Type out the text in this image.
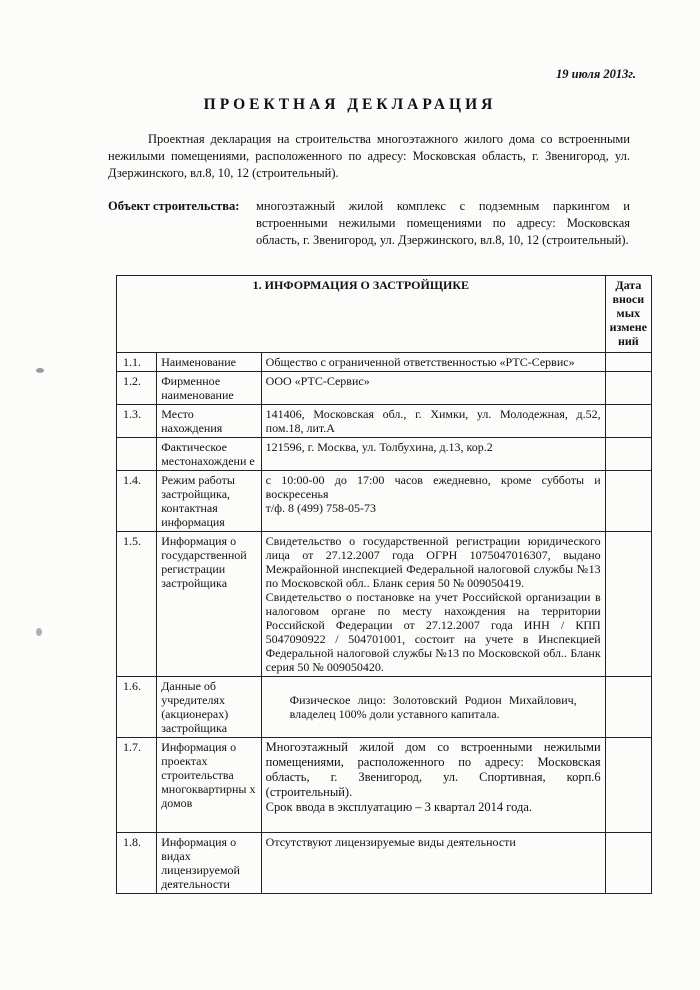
19 июля 2013г.
ПРОЕКТНАЯ ДЕКЛАРАЦИЯ
Проектная декларация на строительства многоэтажного жилого дома со встроенными нежилыми помещениями, расположенного по адресу: Московская область, г. Звенигород, ул. Дзержинского, вл.8, 10, 12 (строительный).
Объект строительства:	многоэтажный жилой комплекс с подземным паркингом и встроенными нежилыми помещениями по адресу: Московская область, г. Звенигород, ул. Дзержинского, вл.8, 10, 12 (строительный).
1. ИНФОРМАЦИЯ О ЗАСТРОЙЩИКЕ			Дата вноси мых измене ний
1.1.	Наименование	Общество с ограниченной ответственностью «РТС-Сервис»	
1.2.	Фирменное наименование	ООО «РТС-Сервис»	
1.3.	Место нахождения	141406, Московская обл., г. Химки, ул. Молодежная, д.52, пом.18, лит.А	
	Фактическое местонахождени е	121596, г. Москва, ул. Толбухина, д.13, кор.2	
1.4.	Режим работы застройщика, контактная информация	с 10:00-00 до 17:00 часов ежедневно, кроме субботы и воскресенья
т/ф. 8 (499) 758-05-73	

1.5.	Информация о государственной регистрации застройщика	Свидетельство о государственной регистрации юридического лица от 27.12.2007 года ОГРН 1075047016307, выдано Межрайонной инспекцией Федеральной налоговой службы №13 по Московской обл.. Бланк серия 50 № 009050419.
Свидетельство о постановке на учет Российской организации в налоговом органе по месту нахождения на территории Российской Федерации от 27.12.2007 года ИНН / КПП 5047090922 / 504701001, состоит на учете в Инспекцией Федеральной налоговой службы №13 по Московской обл.. Бланк серия 50 № 009050420.	

1.6.	Данные об учредителях (акционерах) застройщика	Физическое лицо: Золотовский Родион Михайлович, владелец 100% доли уставного капитала.	
1.7.	Информация о проектах строительства многоквартирны х домов	Многоэтажный жилой дом со встроенными нежилыми помещениями, расположенного по адресу: Московская область, г. Звенигород, ул. Спортивная, корп.6 (строительный).
Срок ввода в эксплуатацию – 3 квартал 2014 года.	

1.8.	Информация о видах лицензируемой деятельности	Отсутствуют лицензируемые виды деятельности	
